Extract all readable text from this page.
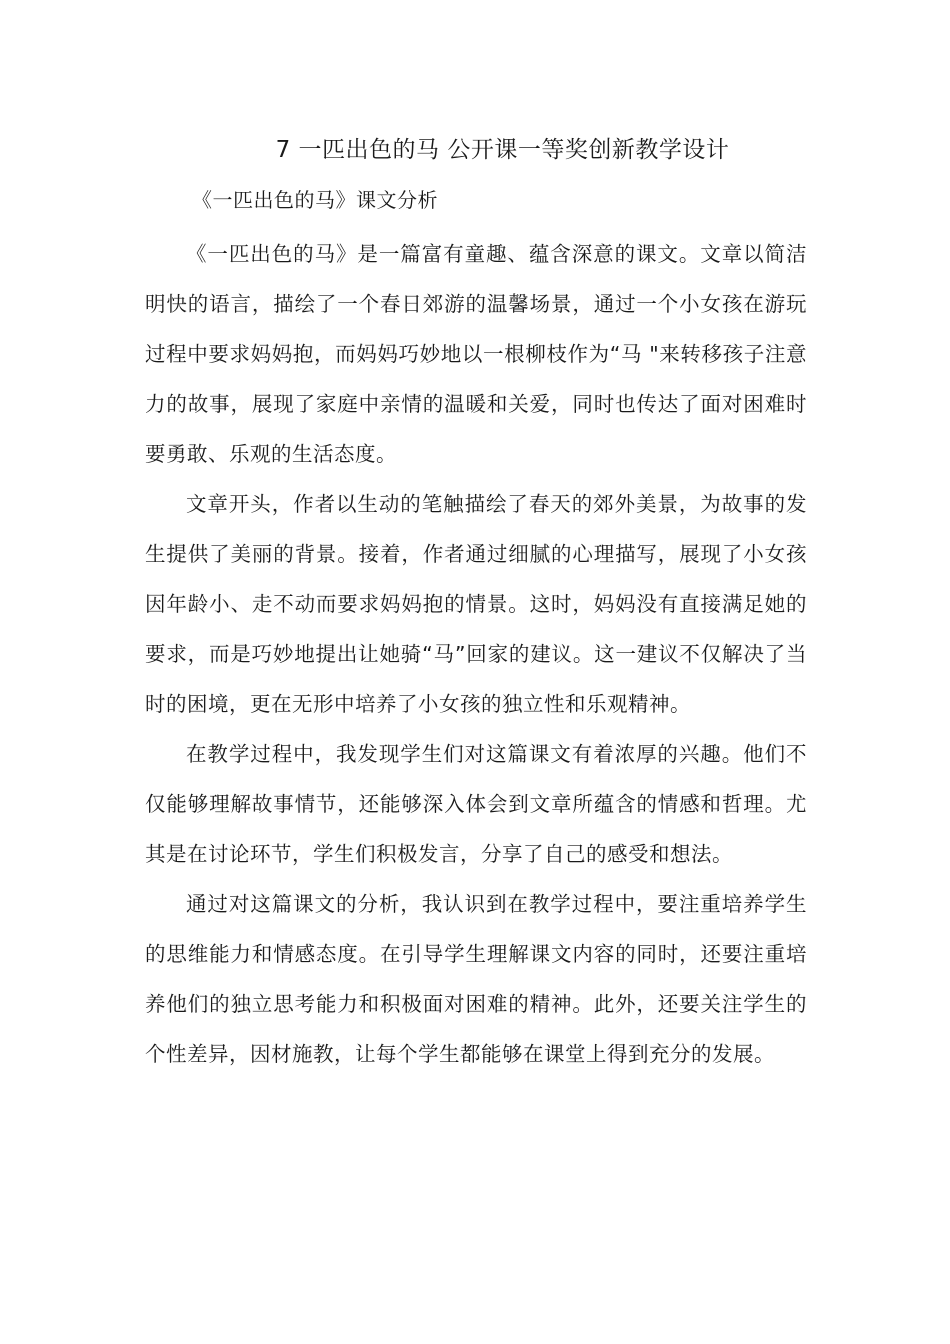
7 一匹出色的马 公开课一等奖创新教学设计

《一匹出色的马》课文分析

《一匹出色的马》是一篇富有童趣、蕴含深意的课文。文章以简洁明快的语言，描绘了一个春日郊游的温馨场景，通过一个小女孩在游玩过程中要求妈妈抱，而妈妈巧妙地以一根柳枝作为“马 "来转移孩子注意力的故事，展现了家庭中亲情的温暖和关爱，同时也传达了面对困难时要勇敢、乐观的生活态度。

文章开头，作者以生动的笔触描绘了春天的郊外美景，为故事的发生提供了美丽的背景。接着，作者通过细腻的心理描写，展现了小女孩因年龄小、走不动而要求妈妈抱的情景。这时，妈妈没有直接满足她的要求，而是巧妙地提出让她骑“马”回家的建议。这一建议不仅解决了当时的困境，更在无形中培养了小女孩的独立性和乐观精神。

在教学过程中，我发现学生们对这篇课文有着浓厚的兴趣。他们不仅能够理解故事情节，还能够深入体会到文章所蕴含的情感和哲理。尤其是在讨论环节，学生们积极发言，分享了自己的感受和想法。

通过对这篇课文的分析，我认识到在教学过程中，要注重培养学生的思维能力和情感态度。在引导学生理解课文内容的同时，还要注重培养他们的独立思考能力和积极面对困难的精神。此外，还要关注学生的个性差异，因材施教，让每个学生都能够在课堂上得到充分的发展。
